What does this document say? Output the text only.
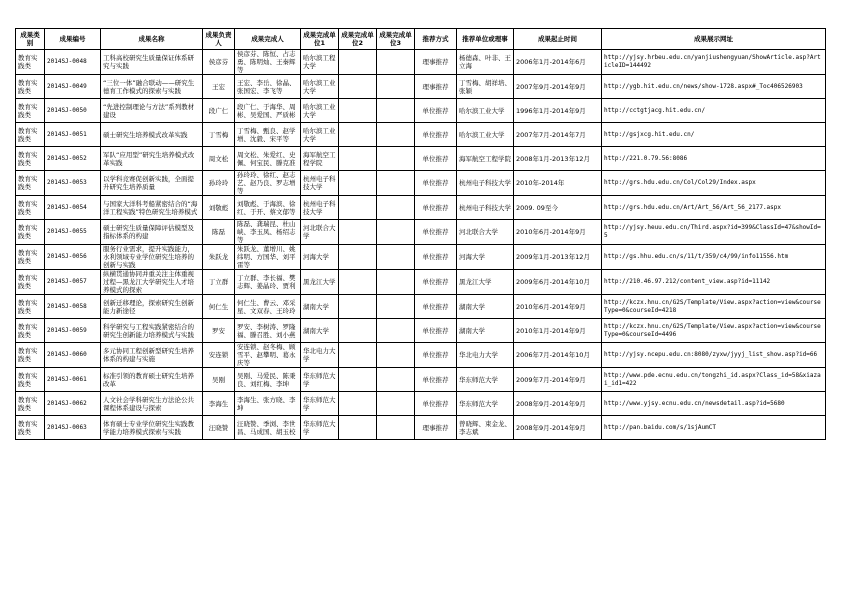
成果类别	成果编号	成果名称	成果负责人	成果完成人	成果完成单位1	成果完成单位2	成果完成单位3	推荐方式	推荐单位或理事	成果起止时间	成果展示网址
教育实践类	2014SJ-0048	工科高校研究生质量保证体系研究与实践	侯彦芬	侯彦芬、陈恒、占志勇、陈明灿、王秦辉等	哈尔滨工程大学			理事推荐	杨德森、叶非、王立海	2006年1月-2014年6月	http://yjsy.hrbeu.edu.cn/yanjiushengyuan/ShowArticle.asp?ArticleID=144492
教育实践类	2014SJ-0049	“三位一体”融合联动——研究生德育工作模式的探索与实践	王宏	王宏、李岳、徐晶、张国宏、李飞等	哈尔滨工业大学			理事推荐	丁雪梅、胡祥培、张颖	2007年9月-2014年9月	http://ygb.hit.edu.cn/news/show-1728.aspx#_Toc406526903
教育实践类	2014SJ-0050	“先进控制理论与方法”系列教材建设	段广仁	段广仁、于海华、周彬、吴爱国、严质彬	哈尔滨工业大学			单位推荐	哈尔滨工业大学	1996年1月-2014年9月	http://cctgtjacg.hit.edu.cn/
教育实践类	2014SJ-0051	硕士研究生培养模式改革实践	丁雪梅	丁雪梅、甄良、赵学增、沈毅、宋平等	哈尔滨工业大学			单位推荐	哈尔滨工业大学	2007年7月-2014年7月	http://gsjxcg.hit.edu.cn/
教育实践类	2014SJ-0052	军队“应用型”研究生培养模式改革实践	周文松	周文松、朱爱红、史佩、何宝民、滕克准	海军航空工程学院			单位推荐	海军航空工程学院	2008年1月-2013年12月	http://221.0.79.56:8086
教育实践类	2014SJ-0053	以学科竞赛促创新实践，全面提升研究生培养质量	孙玲玲	孙玲玲、徐红、赵志艺、赵乃良、罗志增等	杭州电子科技大学			单位推荐	杭州电子科技大学	2010年-2014年	http://grs.hdu.edu.cn/Col/Col29/Index.aspx
教育实践类	2014SJ-0054	与国家大洋科考船紧密结合的“海洋工程实践”特色研究生培养模式	刘敬彪	刘敬彪、于海滨、徐红、于开、蔡文郁等	杭州电子科技大学			单位推荐	杭州电子科技大学	2009. 09至今	http://grs.hdu.edu.cn/Art/Art_56/Art_56_2177.aspx
教育实践类	2014SJ-0055	硕士研究生质量保障评估模型及指标体系的构建	陈磊	陈磊、龚瑞昆、杜山峡、李玉凤、杨绍志等	河北联合大学			单位推荐	河北联合大学	2010年6月-2014年9月	http://yjsy.heuu.edu.cn/Third.aspx?id=399&ClassId=47&showId=5
教育实践类	2014SJ-0056	服务行业需求，提升实践能力，水利领域专业学位研究生培养的创新与实践	朱跃龙	朱跃龙、董增川、姚纬明、方国华、刘平雷等	河海大学			单位推荐	河海大学	2009年1月-2013年12月	http://gs.hhu.edu.cn/s/11/t/359/c4/99/info11556.htm
教育实践类	2014SJ-0057	纵横贯通协同并重关注主体重视过程—黑龙江大学研究生人才培养模式的探索	丁立群	丁立群、李长福、樊志辉、姜晶玲、贾利	黑龙江大学			单位推荐	黑龙江大学	2009年6月-2014年10月	http://210.46.97.212/content_view.asp?id=11142
教育实践类	2014SJ-0058	创新迁移理论，探索研究生创新能力新途径	何仁生	何仁生、曹云、邓采星、文双春、王玲玲	湖南大学			单位推荐	湖南大学	2010年6月-2014年9月	http://kczx.hnu.cn/G2S/Template/View.aspx?action=view&courseType=0&courseId=4218
教育实践类	2014SJ-0059	科学研究与工程实践紧密结合的研究生创新能力培养模式与实践	罗安	罗安、李树涛、罗隆福、滕召胜、刘小燕	湖南大学			单位推荐	湖南大学	2010年1月-2014年9月	http://kczx.hnu.cn/G2S/Template/View.aspx?action=view&courseType=0&courseId=4496
教育实践类	2014SJ-0060	多元协同工程创新型研究生培养体系的构建与实施	安连锁	安连锁、赵冬梅、顾雪平、赵攀明、葛永庆等	华北电力大学			单位推荐	华北电力大学	2006年7月-2014年10月	http://yjsy.ncepu.edu.cn:8080/zyxw/jyyj_list_show.asp?id=66
教育实践类	2014SJ-0061	标准引领的教育硕士研究生培养改革	吴刚	吴刚、马爱民、陈秉良、刘红梅、李坤	华东师范大学			单位推荐	华东师范大学	2009年7月-2014年9月	http://www.pde.ecnu.edu.cn/tongzhi_id.aspx?Class_id=58&xiazai_id1=422
教育实践类	2014SJ-0062	人文社会学科研究生方法论公共课程体系建设与探索	李海生	李海生、张方晓、李坤	华东师范大学			单位推荐	华东师范大学	2008年9月-2014年9月	http://www.yjsy.ecnu.edu.cn/newsdetail.asp?id=5680
教育实践类	2014SJ-0063	体育硕士专业学位研究生实践教学能力培养模式探索与实践	汪晓赞	汪晓赞、季浏、李世昌、马成国、胡玉校	华东师范大学			理事推荐	曾晓辉、束金龙、李志斌	2008年9月-2014年9月	http://pan.baidu.com/s/1sjAumCT
